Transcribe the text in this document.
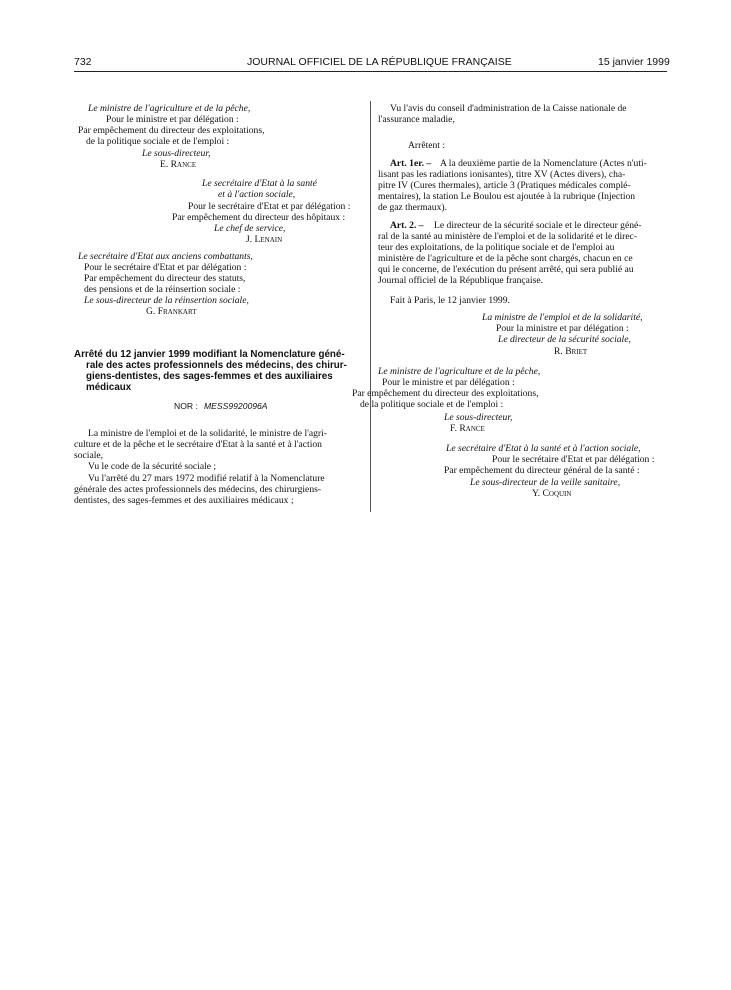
732	JOURNAL OFFICIEL DE LA RÉPUBLIQUE FRANÇAISE	15 janvier 1999
Le ministre de l'agriculture et de la pêche,
Pour le ministre et par délégation :
Par empêchement du directeur des exploitations,
de la politique sociale et de l'emploi :
Le sous-directeur,
E. Rance
Le secrétaire d'Etat à la santé
et à l'action sociale,
Pour le secrétaire d'Etat et par délégation :
Par empêchement du directeur des hôpitaux :
Le chef de service,
J. Lenain
Le secrétaire d'Etat aux anciens combattants,
Pour le secrétaire d'Etat et par délégation :
Par empêchement du directeur des statuts,
des pensions et de la réinsertion sociale :
Le sous-directeur de la réinsertion sociale,
G. Frankart
Arrêté du 12 janvier 1999 modifiant la Nomenclature géné-
rale des actes professionnels des médecins, des chirur-
giens-dentistes, des sages-femmes et des auxiliaires
médicaux
NOR : MESS9920096A
La ministre de l'emploi et de la solidarité, le ministre de l'agri-
culture et de la pêche et le secrétaire d'Etat à la santé et à l'action
sociale,
Vu le code de la sécurité sociale ;
Vu l'arrêté du 27 mars 1972 modifié relatif à la Nomenclature
générale des actes professionnels des médecins, des chirurgiens-
dentistes, des sages-femmes et des auxiliaires médicaux ;
Vu l'avis du conseil d'administration de la Caisse nationale de
l'assurance maladie,
Arrêtent :
Art. 1er. – A la deuxième partie de la Nomenclature (Actes n'uti-
lisant pas les radiations ionisantes), titre XV (Actes divers), cha-
pitre IV (Cures thermales), article 3 (Pratiques médicales complé-
mentaires), la station Le Boulou est ajoutée à la rubrique (Injection
de gaz thermaux).
Art. 2. – Le directeur de la sécurité sociale et le directeur géné-
ral de la santé au ministère de l'emploi et de la solidarité et le direc-
teur des exploitations, de la politique sociale et de l'emploi au
ministère de l'agriculture et de la pêche sont chargés, chacun en ce
qui le concerne, de l'exécution du présent arrêté, qui sera publié au
Journal officiel de la République française.
Fait à Paris, le 12 janvier 1999.
La ministre de l'emploi et de la solidarité,
Pour la ministre et par délégation :
Le directeur de la sécurité sociale,
R. Briet
Le ministre de l'agriculture et de la pêche,
Pour le ministre et par délégation :
Par empêchement du directeur des exploitations,
de la politique sociale et de l'emploi :
Le sous-directeur,
F. Rance
Le secrétaire d'Etat à la santé et à l'action sociale,
Pour le secrétaire d'Etat et par délégation :
Par empêchement du directeur général de la santé :
Le sous-directeur de la veille sanitaire,
Y. Coquin
